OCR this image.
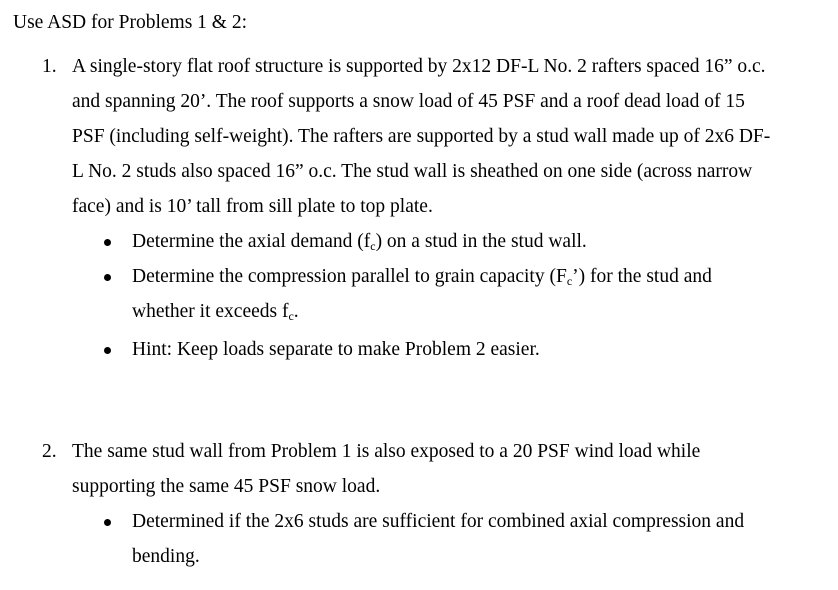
Use ASD for Problems 1 & 2:
1. A single-story flat roof structure is supported by 2x12 DF-L No. 2 rafters spaced 16” o.c.
and spanning 20’. The roof supports a snow load of 45 PSF and a roof dead load of 15
PSF (including self-weight). The rafters are supported by a stud wall made up of 2x6 DF-
L No. 2 studs also spaced 16” o.c. The stud wall is sheathed on one side (across narrow
face) and is 10’ tall from sill plate to top plate.
Determine the axial demand $(f_c)$ on a stud in the stud wall.
Determine the compression parallel to grain capacity $(F_c’)$ for the stud and
whether it exceeds $f_c$.
Hint: Keep loads separate to make Problem 2 easier.
2. The same stud wall from Problem 1 is also exposed to a 20 PSF wind load while
supporting the same 45 PSF snow load.
Determined if the 2x6 studs are sufficient for combined axial compression and
bending.
